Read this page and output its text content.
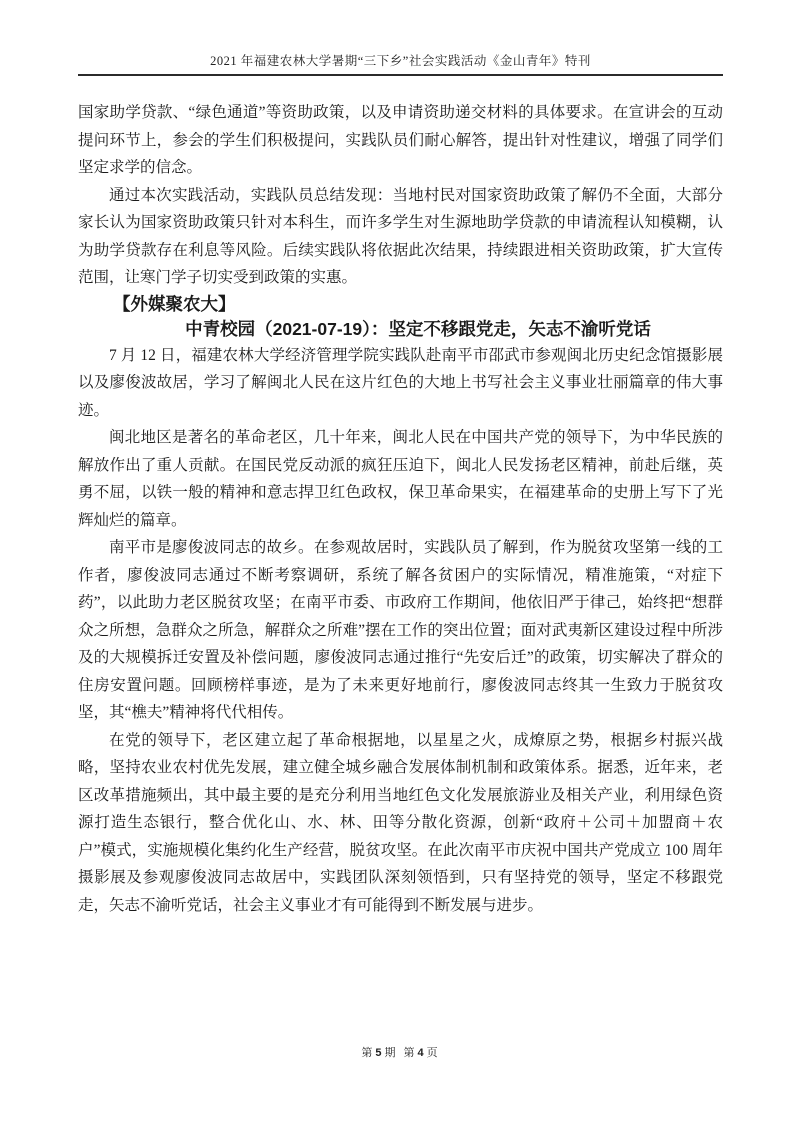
2021 年福建农林大学暑期“三下乡”社会实践活动《金山青年》特刊

国家助学贷款、“绿色通道”等资助政策，以及申请资助递交材料的具体要求。在宣讲会的互动提问环节上，参会的学生们积极提问，实践队员们耐心解答，提出针对性建议，增强了同学们坚定求学的信念。

通过本次实践活动，实践队员总结发现：当地村民对国家资助政策了解仍不全面，大部分家长认为国家资助政策只针对本科生，而许多学生对生源地助学贷款的申请流程认知模糊，认为助学贷款存在利息等风险。后续实践队将依据此次结果，持续跟进相关资助政策，扩大宣传范围，让寒门学子切实受到政策的实惠。

【外媒聚农大】

中青校园（2021-07-19）：坚定不移跟党走，矢志不渝听党话

7 月 12 日，福建农林大学经济管理学院实践队赴南平市邵武市参观闽北历史纪念馆摄影展以及廖俊波故居，学习了解闽北人民在这片红色的大地上书写社会主义事业壮丽篇章的伟大事迹。

闽北地区是著名的革命老区，几十年来，闽北人民在中国共产党的领导下，为中华民族的解放作出了重人贡献。在国民党反动派的疯狂压迫下，闽北人民发扬老区精神，前赴后继，英勇不屈，以铁一般的精神和意志捍卫红色政权，保卫革命果实，在福建革命的史册上写下了光辉灿烂的篇章。

南平市是廖俊波同志的故乡。在参观故居时，实践队员了解到，作为脱贫攻坚第一线的工作者，廖俊波同志通过不断考察调研，系统了解各贫困户的实际情况，精准施策，“对症下药”，以此助力老区脱贫攻坚；在南平市委、市政府工作期间，他依旧严于律己，始终把“想群众之所想，急群众之所急，解群众之所难”摆在工作的突出位置；面对武夷新区建设过程中所涉及的大规模拆迁安置及补偿问题，廖俊波同志通过推行“先安后迁”的政策，切实解决了群众的住房安置问题。回顾榜样事迹，是为了未来更好地前行，廖俊波同志终其一生致力于脱贫攻坚，其“樵夫”精神将代代相传。

在党的领导下，老区建立起了革命根据地，以星星之火，成燎原之势，根据乡村振兴战略，坚持农业农村优先发展，建立健全城乡融合发展体制机制和政策体系。据悉，近年来，老区改革措施频出，其中最主要的是充分利用当地红色文化发展旅游业及相关产业，利用绿色资源打造生态银行，整合优化山、水、林、田等分散化资源，创新“政府＋公司＋加盟商＋农户”模式，实施规模化集约化生产经营，脱贫攻坚。在此次南平市庆祝中国共产党成立 100 周年摄影展及参观廖俊波同志故居中，实践团队深刻领悟到，只有坚持党的领导，坚定不移跟党走，矢志不渝听党话，社会主义事业才有可能得到不断发展与进步。

第 5 期 第 4 页
